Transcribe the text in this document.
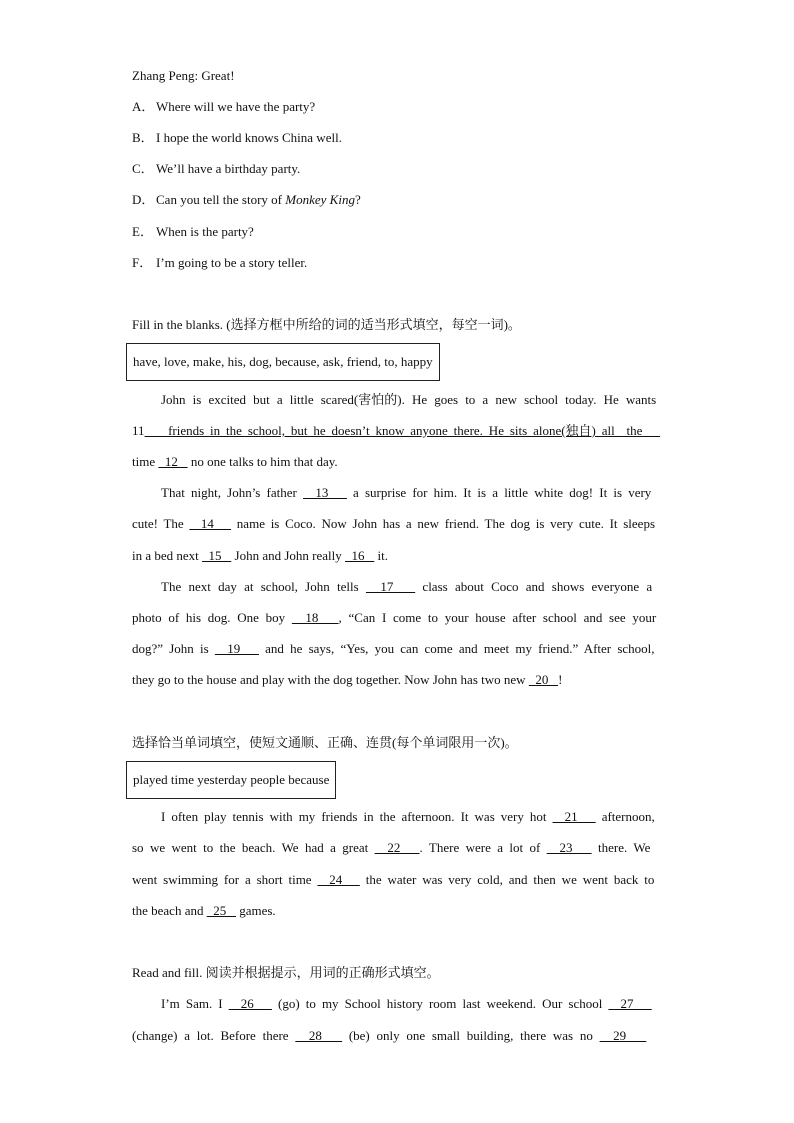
Zhang Peng: Great!
A． Where will we have the party?
B． I hope the world knows China well.
C． We’ll have a birthday party.
D． Can you tell the story of Monkey King?
E． When is the party?
F． I’m going to be a story teller.
Fill in the blanks. (选择方框中所给的词的适当形式填空，每空一词)。
have, love, make, his, dog, because, ask, friend, to, happy
John is excited but a little scared(害怕的). He goes to a new school today. He wants
11    friends in the school, but he doesn’t know anyone there. He sits alone(独自) all  the
time   12    no one talks to him that day.
That night, John’s father   13    a surprise for him. It is a little white dog! It is very
cute! The   14    name is Coco. Now John has a new friend. The dog is very cute. It sleeps
in a bed next   15    John and John really   16    it.
The next day at school, John tells   17    class about Coco and shows everyone a
photo of his dog. One boy   18   , “Can I come to your house after school and see your
dog?” John is   19    and he says, “Yes, you can come and meet my friend.” After school,
they go to the house and play with the dog together. Now John has two new   20   !
选择恰当单词填空，使短文通顺、正确、连贯(每个单词限用一次)。
played time yesterday people because
I often play tennis with my friends in the afternoon. It was very hot   21    afternoon,
so we went to the beach. We had a great   22   . There were a lot of   23    there. We
went swimming for a short time   24    the water was very cold, and then we went back to
the beach and   25    games.
Read and fill. 阅读并根据提示，用词的正确形式填空。
I’m Sam. I   26    (go) to my School history room last weekend. Our school   27
(change) a lot. Before there   28    (be) only one small building, there was no   29
